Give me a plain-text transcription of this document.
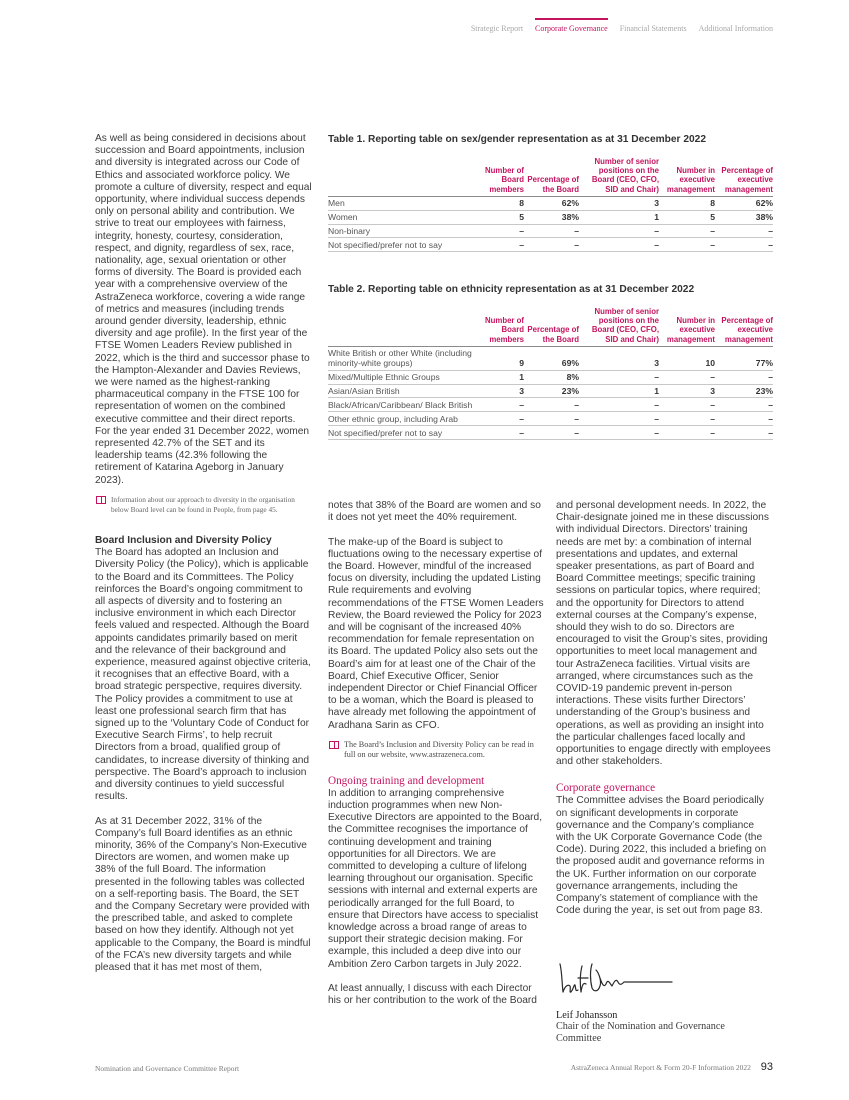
Strategic Report Corporate Governance Financial Statements Additional Information

As well as being considered in decisions about succession and Board appointments, inclusion and diversity is integrated across our Code of Ethics and associated workforce policy. We promote a culture of diversity, respect and equal opportunity, where individual success depends only on personal ability and contribution. We strive to treat our employees with fairness, integrity, honesty, courtesy, consideration, respect, and dignity, regardless of sex, race, nationality, age, sexual orientation or other forms of diversity. The Board is provided each year with a comprehensive overview of the AstraZeneca workforce, covering a wide range of metrics and measures (including trends around gender diversity, leadership, ethnic diversity and age profile). In the first year of the FTSE Women Leaders Review published in 2022, which is the third and successor phase to the Hampton-Alexander and Davies Reviews, we were named as the highest-ranking pharmaceutical company in the FTSE 100 for representation of women on the combined executive committee and their direct reports. For the year ended 31 December 2022, women represented 42.7% of the SET and its leadership teams (42.3% following the retirement of Katarina Ageborg in January 2023).

Information about our approach to diversity in the organisation below Board level can be found in People, from page 45.
Board Inclusion and Diversity Policy

The Board has adopted an Inclusion and Diversity Policy (the Policy), which is applicable to the Board and its Committees. The Policy reinforces the Board’s ongoing commitment to all aspects of diversity and to fostering an inclusive environment in which each Director feels valued and respected. Although the Board appoints candidates primarily based on merit and the relevance of their background and experience, measured against objective criteria, it recognises that an effective Board, with a broad strategic perspective, requires diversity. The Policy provides a commitment to use at least one professional search firm that has signed up to the ‘Voluntary Code of Conduct for Executive Search Firms’, to help recruit Directors from a broad, qualified group of candidates, to increase diversity of thinking and perspective. The Board’s approach to inclusion and diversity continues to yield successful results.

As at 31 December 2022, 31% of the Company’s full Board identifies as an ethnic minority, 36% of the Company’s Non-Executive Directors are women, and women make up 38% of the full Board. The information presented in the following tables was collected on a self-reporting basis. The Board, the SET and the Company Secretary were provided with the prescribed table, and asked to complete based on how they identify. Although not yet applicable to the Company, the Board is mindful of the FCA’s new diversity targets and while pleased that it has met most of them,

Table 1. Reporting table on sex/gender representation as at 31 December 2022
	Number of Board members	Percentage of the Board	Number of senior positions on the Board (CEO, CFO, SID and Chair)	Number in executive management	Percentage of executive management
Men	8	62%	3	8	62%
Women	5	38%	1	5	38%
Non-binary	–	–	–	–	–
Not specified/prefer not to say	–	–	–	–	–
Table 2. Reporting table on ethnicity representation as at 31 December 2022
	Number of Board members	Percentage of the Board	Number of senior positions on the Board (CEO, CFO, SID and Chair)	Number in executive management	Percentage of executive management
White British or other White (including minority-white groups)	9	69%	3	10	77%
Mixed/Multiple Ethnic Groups	1	8%	–	–	–
Asian/Asian British	3	23%	1	3	23%
Black/African/Caribbean/ Black British	–	–	–	–	–
Other ethnic group, including Arab	–	–	–	–	–
Not specified/prefer not to say	–	–	–	–	–

notes that 38% of the Board are women and so it does not yet meet the 40% requirement.

The make-up of the Board is subject to fluctuations owing to the necessary expertise of the Board. However, mindful of the increased focus on diversity, including the updated Listing Rule requirements and evolving recommendations of the FTSE Women Leaders Review, the Board reviewed the Policy for 2023 and will be cognisant of the increased 40% recommendation for female representation on its Board. The updated Policy also sets out the Board’s aim for at least one of the Chair of the Board, Chief Executive Officer, Senior independent Director or Chief Financial Officer to be a woman, which the Board is pleased to have already met following the appointment of Aradhana Sarin as CFO.

The Board’s Inclusion and Diversity Policy can be read in full on our website, www.astrazeneca.com.
Ongoing training and development

In addition to arranging comprehensive induction programmes when new Non-Executive Directors are appointed to the Board, the Committee recognises the importance of continuing development and training opportunities for all Directors. We are committed to developing a culture of lifelong learning throughout our organisation. Specific sessions with internal and external experts are periodically arranged for the full Board, to ensure that Directors have access to specialist knowledge across a broad range of areas to support their strategic decision making. For example, this included a deep dive into our Ambition Zero Carbon targets in July 2022.

At least annually, I discuss with each Director his or her contribution to the work of the Board

and personal development needs. In 2022, the Chair-designate joined me in these discussions with individual Directors. Directors’ training needs are met by: a combination of internal presentations and updates, and external speaker presentations, as part of Board and Board Committee meetings; specific training sessions on particular topics, where required; and the opportunity for Directors to attend external courses at the Company’s expense, should they wish to do so. Directors are encouraged to visit the Group’s sites, providing opportunities to meet local management and tour AstraZeneca facilities. Virtual visits are arranged, where circumstances such as the COVID-19 pandemic prevent in-person interactions. These visits further Directors’ understanding of the Group’s business and operations, as well as providing an insight into the particular challenges faced locally and opportunities to engage directly with employees and other stakeholders.

Corporate governance

The Committee advises the Board periodically on significant developments in corporate governance and the Company’s compliance with the UK Corporate Governance Code (the Code). During 2022, this included a briefing on the proposed audit and governance reforms in the UK. Further information on our corporate governance arrangements, including the Company’s statement of compliance with the Code during the year, is set out from page 83.

Leif Johansson
Chair of the Nomination and Governance Committee
Nomination and Governance Committee Report	AstraZeneca Annual Report & Form 20-F Information 2022 93
